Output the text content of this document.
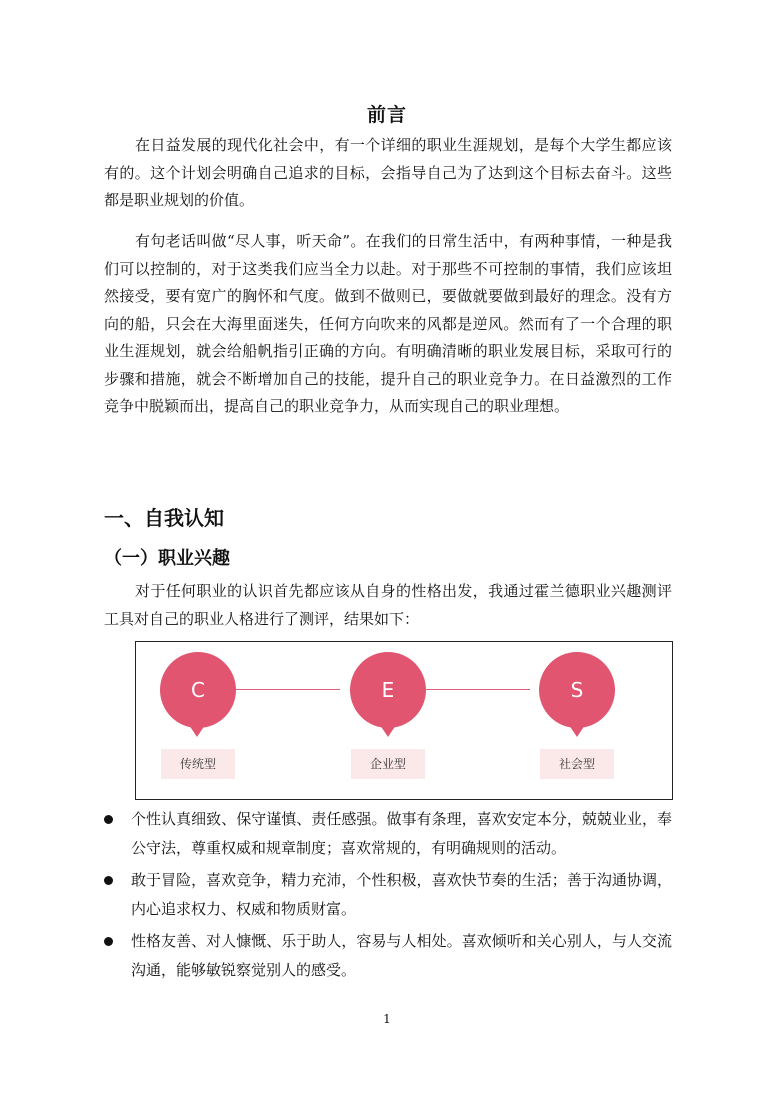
前言

在日益发展的现代化社会中，有一个详细的职业生涯规划，是每个大学生都应该有的。这个计划会明确自己追求的目标，会指导自己为了达到这个目标去奋斗。这些都是职业规划的价值。

有句老话叫做“尽人事，听天命”。在我们的日常生活中，有两种事情，一种是我们可以控制的，对于这类我们应当全力以赴。对于那些不可控制的事情，我们应该坦然接受，要有宽广的胸怀和气度。做到不做则已，要做就要做到最好的理念。没有方向的船，只会在大海里面迷失，任何方向吹来的风都是逆风。然而有了一个合理的职业生涯规划，就会给船帆指引正确的方向。有明确清晰的职业发展目标，采取可行的步骤和措施，就会不断增加自己的技能，提升自己的职业竞争力。在日益激烈的工作竞争中脱颖而出，提高自己的职业竞争力，从而实现自己的职业理想。

一、自我认知
（一）职业兴趣

对于任何职业的认识首先都应该从自身的性格出发，我通过霍兰德职业兴趣测评工具对自己的职业人格进行了测评，结果如下：

C
传统型
E
企业型
S
社会型
个性认真细致、保守谨慎、责任感强。做事有条理，喜欢安定本分，兢兢业业，奉公守法，尊重权威和规章制度；喜欢常规的，有明确规则的活动。
敢于冒险，喜欢竞争，精力充沛，个性积极，喜欢快节奏的生活；善于沟通协调，内心追求权力、权威和物质财富。
性格友善、对人慷慨、乐于助人，容易与人相处。喜欢倾听和关心别人，与人交流沟通，能够敏锐察觉别人的感受。
1
